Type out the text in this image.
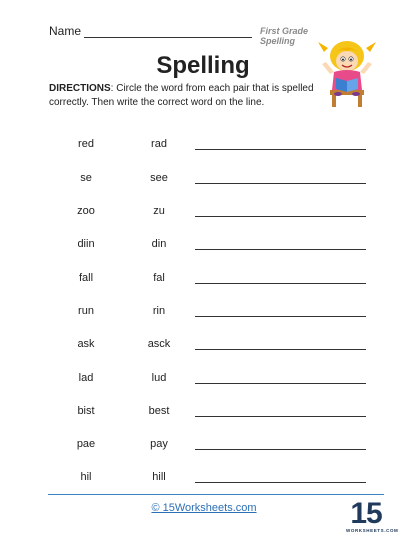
Name	First Grade Spelling
Spelling
DIRECTIONS: Circle the word from each pair that is spelled correctly. Then write the correct word on the line.
red	rad
se	see
zoo	zu
diin	din
fall	fal
run	rin
ask	asck
lad	lud
bist	best
pae	pay
hil	hill
© 15Worksheets.com	15
WORKSHEETS.COM
